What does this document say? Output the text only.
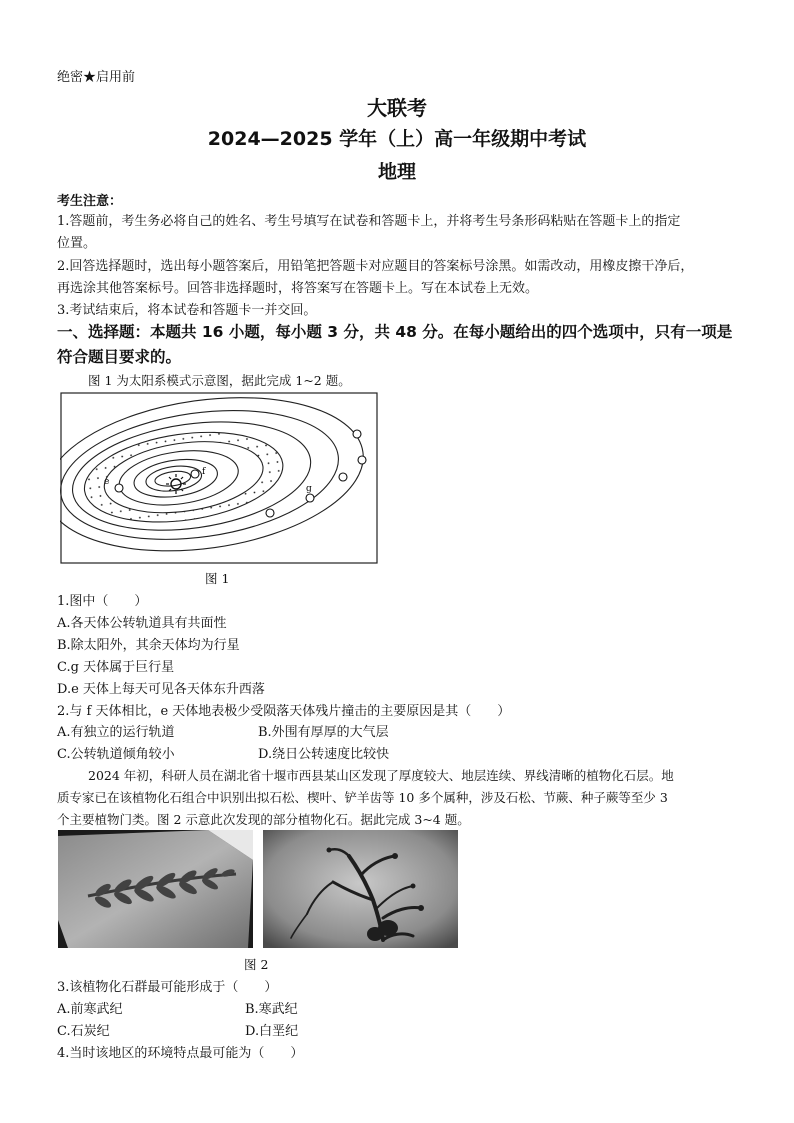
绝密★启用前
大联考
2024—2025 学年（上）高一年级期中考试
地理
考生注意：
1.答题前，考生务必将自己的姓名、考生号填写在试卷和答题卡上，并将考生号条形码粘贴在答题卡上的指定
位置。
2.回答选择题时，选出每小题答案后，用铅笔把答题卡对应题目的答案标号涂黑。如需改动，用橡皮擦干净后，
再选涂其他答案标号。回答非选择题时，将答案写在答题卡上。写在本试卷上无效。
3.考试结束后，将本试卷和答题卡一并交回。
一、选择题：本题共 16 小题，每小题 3 分，共 48 分。在每小题给出的四个选项中，只有一项是
符合题目要求的。
图 1 为太阳系模式示意图，据此完成 1~2 题。
f
e
g
图 1
1.图中（　　）
A.各天体公转轨道具有共面性
B.除太阳外，其余天体均为行星
C.g 天体属于巨行星
D.e 天体上每天可见各天体东升西落
2.与 f 天体相比，e 天体地表极少受陨落天体残片撞击的主要原因是其（　　）
A.有独立的运行轨道	B.外围有厚厚的大气层
C.公转轨道倾角较小	D.绕日公转速度比较快
2024 年初，科研人员在湖北省十堰市西县某山区发现了厚度较大、地层连续、界线清晰的植物化石层。地
质专家已在该植物化石组合中识别出拟石松、楔叶、铲羊齿等 10 多个属种，涉及石松、节蕨、种子蕨等至少 3
个主要植物门类。图 2 示意此次发现的部分植物化石。据此完成 3~4 题。
图 2
3.该植物化石群最可能形成于（　　）
A.前寒武纪	B.寒武纪
C.石炭纪	D.白垩纪
4.当时该地区的环境特点最可能为（　　）
